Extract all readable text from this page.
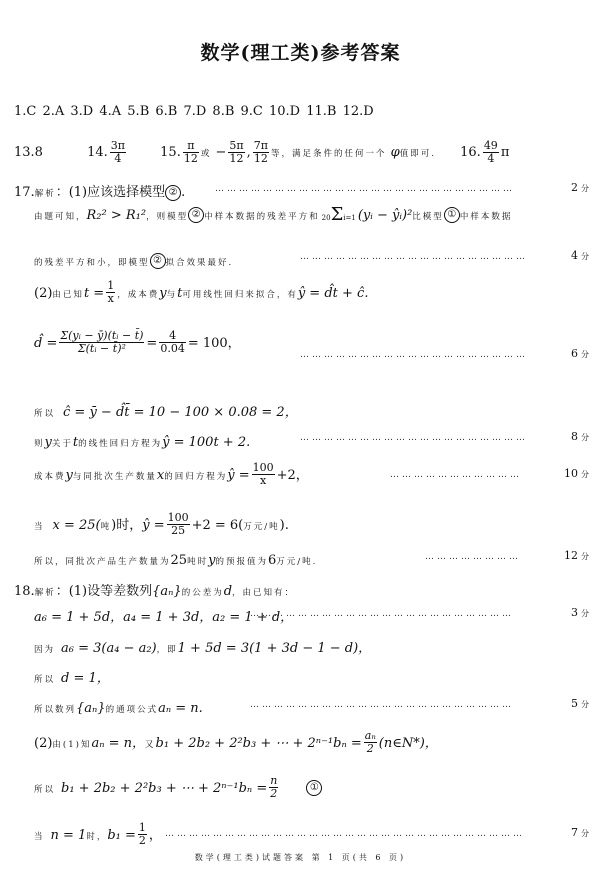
数学(理工类)参考答案
1.C 2.A 3.D 4.A 5.B 6.B 7.D 8.B 9.C 10.D 11.B 12.D
13.8	14. $\frac{3\pi}{4}$	15. $\frac{\pi}{12}$ 或 − $\frac{5\pi}{12}$ , $\frac{7\pi}{12}$ 等，满足条件的任何一个 φ值即可. 16. $\frac{49}{4}$ π
17.解析：(1)应该选择模型 ② .	…………………………………………………………………	2 分
由题可知，R₂² > R₁²，则模型 ② 中样本数据的残差平方和 20Σi=1 (yᵢ − ŷᵢ)²比模型 ① 中样本数据
的残差平方和小，即模型 ② 拟合效果最好.
…………………………………………………	4 分
(2)由已知$t = \frac{1}{x}$ ，成本费y与t可用线性回归来拟合，有ŷ = d̂t + ĉ.
d̂ = $\frac{\text{Σ(yᵢ − ȳ)(tᵢ − t̄)}}{\text{Σ(tᵢ − t̄)²}} = \frac{4}{0.04} = 100$，
…………………………………………………	6 分
所以 ĉ = ȳ − d̂t̄ = 10 − 100 × 0.08 = 2，
则y关于t的线性回归方程为ŷ = 100t + 2.	…………………………………………………	8 分
成本费y与同批次生产数量x的回归方程为ŷ = $\frac{100}{x} +2$，	……………………………	10 分
当 x = 25(吨)时，ŷ = $\frac{100}{25} +2 = 6$(万元/吨).
所以，同批次产品生产数量为25吨时y的预报值为6万元/吨.	……………………	12 分
18.解析：(1)设等差数列{aₙ}的公差为d，由已知有：
a₆ = 1 + 5d，a₄ = 1 + 3d，a₂ = 1 + d，
…………………………………………………………	3 分
因为 a₆ = 3(a₄ − a₂)，即1 + 5d = 3(1 + 3d − 1 − d)，
所以 d = 1，
所以数列{aₙ}的通项公式aₙ = n.	…………………………………………………………	5 分
(2)由(1)知aₙ = n，又b₁ + 2b₂ + 2²b₃ + ⋯ + $2^{n-1}b_n = \frac{\text{aₙ}}{2}$ (n∈N*)，
所以 b₁ + 2b₂ + 2²b₃ + ⋯ + $2^{n-1}b_n = \frac{n}{2}$	①
当 n = 1时，$b_1 = \frac{1}{2}$ ， ………………………………………………………………………………	7 分
数学(理工类)试题答案 第 1 页(共 6 页)
